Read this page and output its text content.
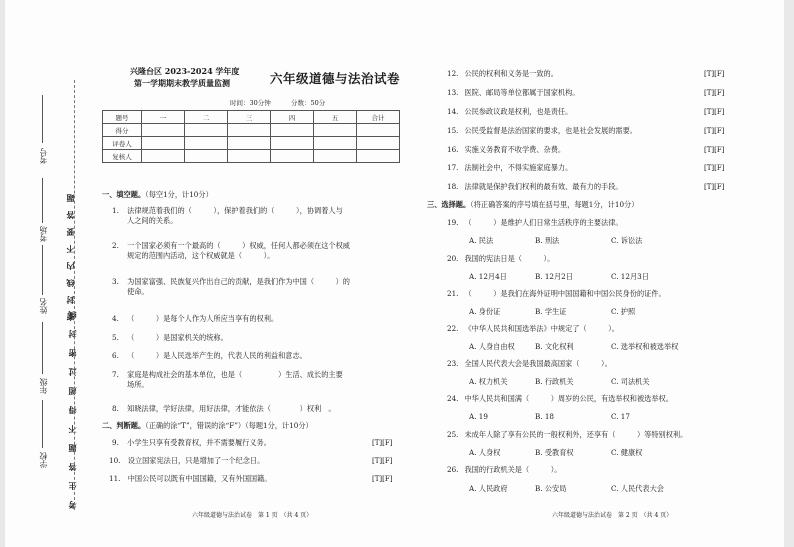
考号
考场
姓名
年级
学校
密封线内不要答题
考生答题不得超过密封线
兴隆台区 2023-2024 学年度
第一学期期末教学质量监测	六年级道德与法治试卷
时间：30分钟	分数：50分
题号	一	二	三	四	五	合计
得分						
评卷人						
复核人						
一、填空题。（每空1分，计10分）
1. 法律规范着我们的（　　　），保护着我们的（　　　），协调着人与
人之间的关系。
2. 一个国家必须有一个最高的（　　　）权威，任何人都必须在这个权威
规定的范围内活动，这个权威就是（　　　）。
3. 为国家富强、民族复兴作出自己的贡献，是我们作为中国（　　　）的
使命。
4. （　　　）是每个人作为人所应当享有的权利。
5. （　　　）是国家机关的统称。
6. （　　　）是人民选举产生的，代表人民的利益和意志。
7. 家庭是构成社会的基本单位，也是（　　　　　）生活、成长的主要
场所。
8. 知晓法律，学好法律，用好法律，才能依法（　　　　）权利　。
二、判断题。（正确的涂“T”，错误的涂“F”）（每题1分，计10分）
9. 小学生只享有受教育权，并不需要履行义务。	[T][F]
10. 设立国家宪法日，只是增加了一个纪念日。	[T][F]
11. 中国公民可以既有中国国籍，又有外国国籍。	[T][F]
六年级道德与法治试卷　第 1 页　（共 4 页）
12. 公民的权利和义务是一致的。	[T][F]
13. 医院、邮局等单位都属于国家机构。	[T][F]
14. 公民参政议政是权利，也是责任。	[T][F]
15. 公民受监督是法治国家的要求，也是社会发展的需要。	[T][F]
16. 实施义务教育不收学费、杂费。	[T][F]
17. 法制社会中，不得实施家庭暴力。	[T][F]
18. 法律就是保护我们权利的最有效、最有力的手段。	[T][F]
三、选择题。（将正确答案的序号填在括号里，每题1分，计10分）
19. （　　　）是维护人们日常生活秩序的主要法律。
A. 民法	B. 刑法	C. 诉讼法
20. 我国的宪法日是（　　　）。
A. 12月4日	B. 12月2日	C. 12月3日
21. （　　　）是我们在海外证明中国国籍和中国公民身份的证件。
A. 身份证	B. 学生证	C. 护照
22. 《中华人民共和国选举法》中规定了（　　　）。
A. 人身自由权	B. 文化权利	C. 选举权和被选举权
23. 全国人民代表大会是我国最高国家（　　　）。
A. 权力机关	B. 行政机关	C. 司法机关
24. 中华人民共和国满（　　　）周岁的公民，有选举权和被选举权。
A. 19	B. 18	C. 17
25. 未成年人除了享有公民的一般权利外，还享有（　　　）等特别权利。
A. 人身权	B. 受教育权	C. 健康权
26. 我国的行政机关是（　　　）。
A. 人民政府	B. 公安局	C. 人民代表大会
六年级道德与法治试卷　第 2 页　（共 4 页）
